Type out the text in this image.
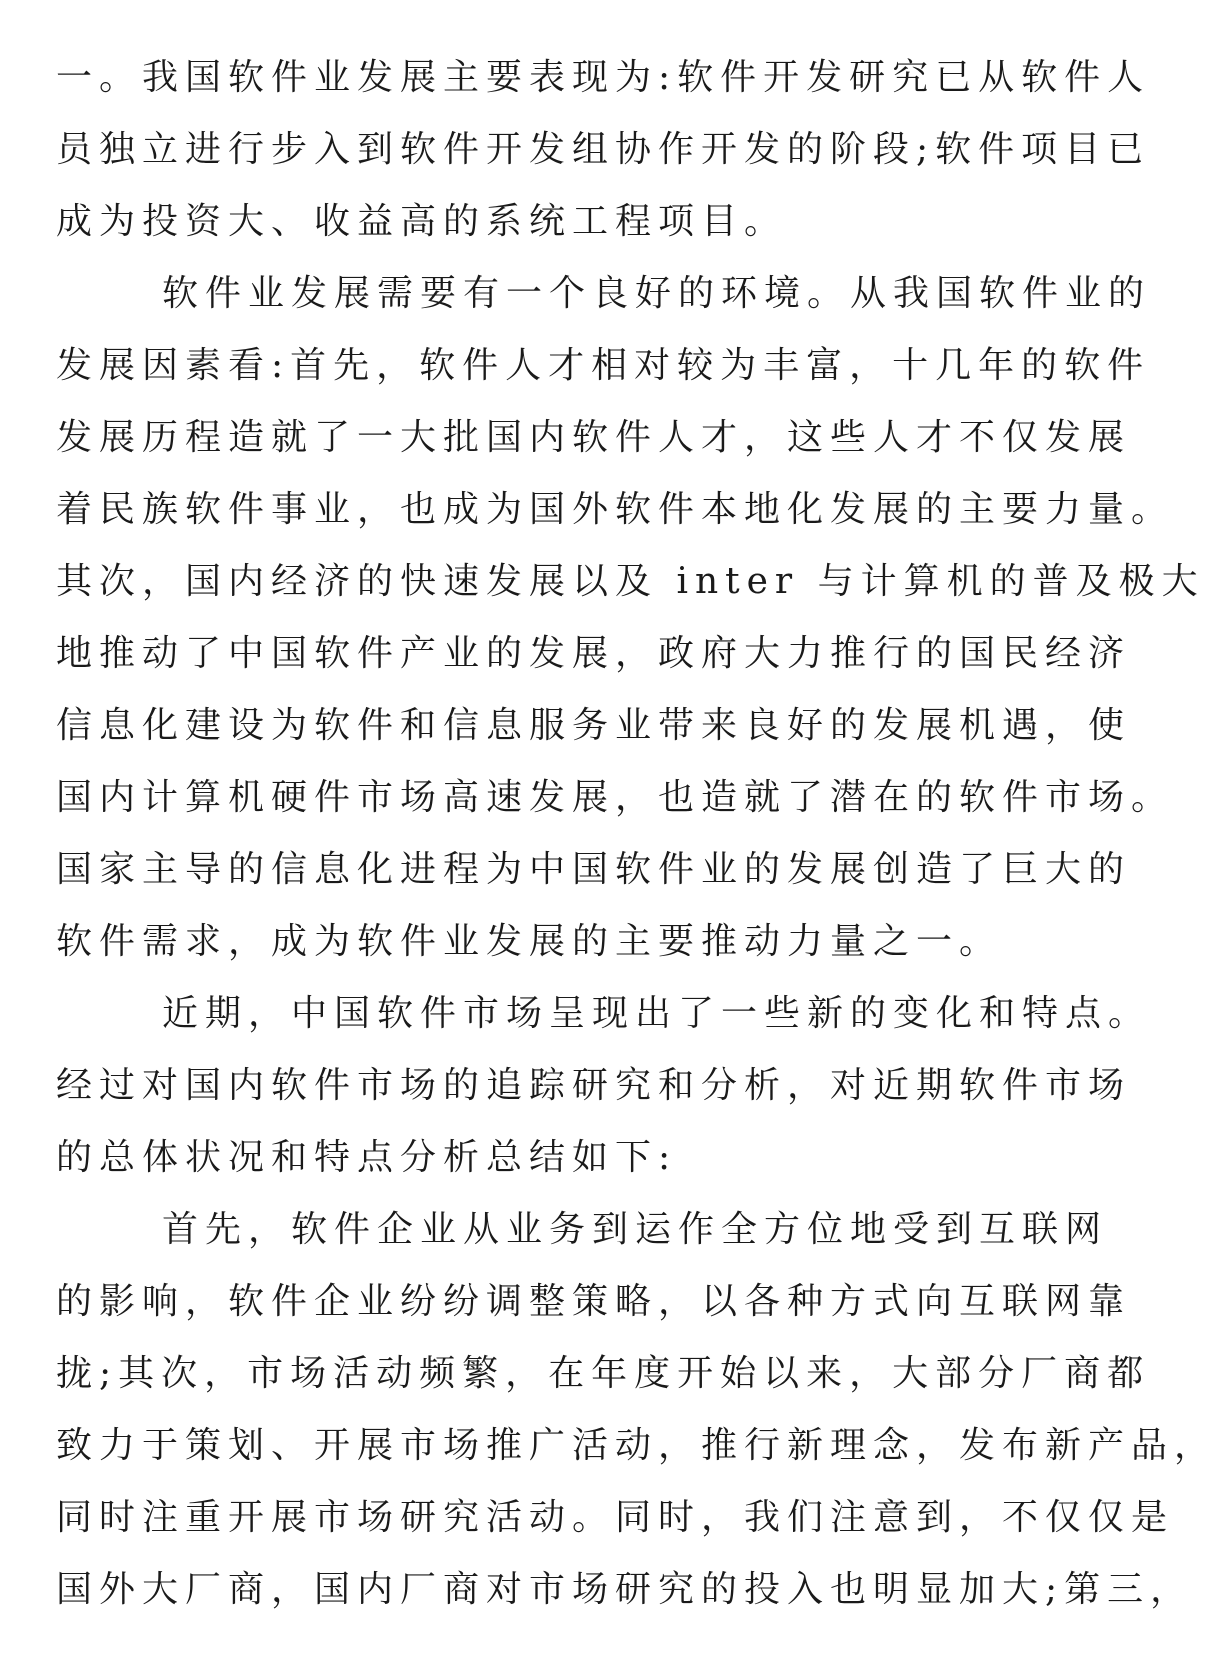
一。我国软件业发展主要表现为:软件开发研究已从软件人
员独立进行步入到软件开发组协作开发的阶段;软件项目已
成为投资大、收益高的系统工程项目。
软件业发展需要有一个良好的环境。从我国软件业的
发展因素看:首先，软件人才相对较为丰富，十几年的软件
发展历程造就了一大批国内软件人才，这些人才不仅发展
着民族软件事业，也成为国外软件本地化发展的主要力量。
其次，国内经济的快速发展以及 inter 与计算机的普及极大
地推动了中国软件产业的发展，政府大力推行的国民经济
信息化建设为软件和信息服务业带来良好的发展机遇，使
国内计算机硬件市场高速发展，也造就了潜在的软件市场。
国家主导的信息化进程为中国软件业的发展创造了巨大的
软件需求，成为软件业发展的主要推动力量之一。
近期，中国软件市场呈现出了一些新的变化和特点。
经过对国内软件市场的追踪研究和分析，对近期软件市场
的总体状况和特点分析总结如下:
首先，软件企业从业务到运作全方位地受到互联网
的影响，软件企业纷纷调整策略，以各种方式向互联网靠
拢;其次，市场活动频繁，在年度开始以来，大部分厂商都
致力于策划、开展市场推广活动，推行新理念，发布新产品，
同时注重开展市场研究活动。同时，我们注意到，不仅仅是
国外大厂商，国内厂商对市场研究的投入也明显加大;第三，
